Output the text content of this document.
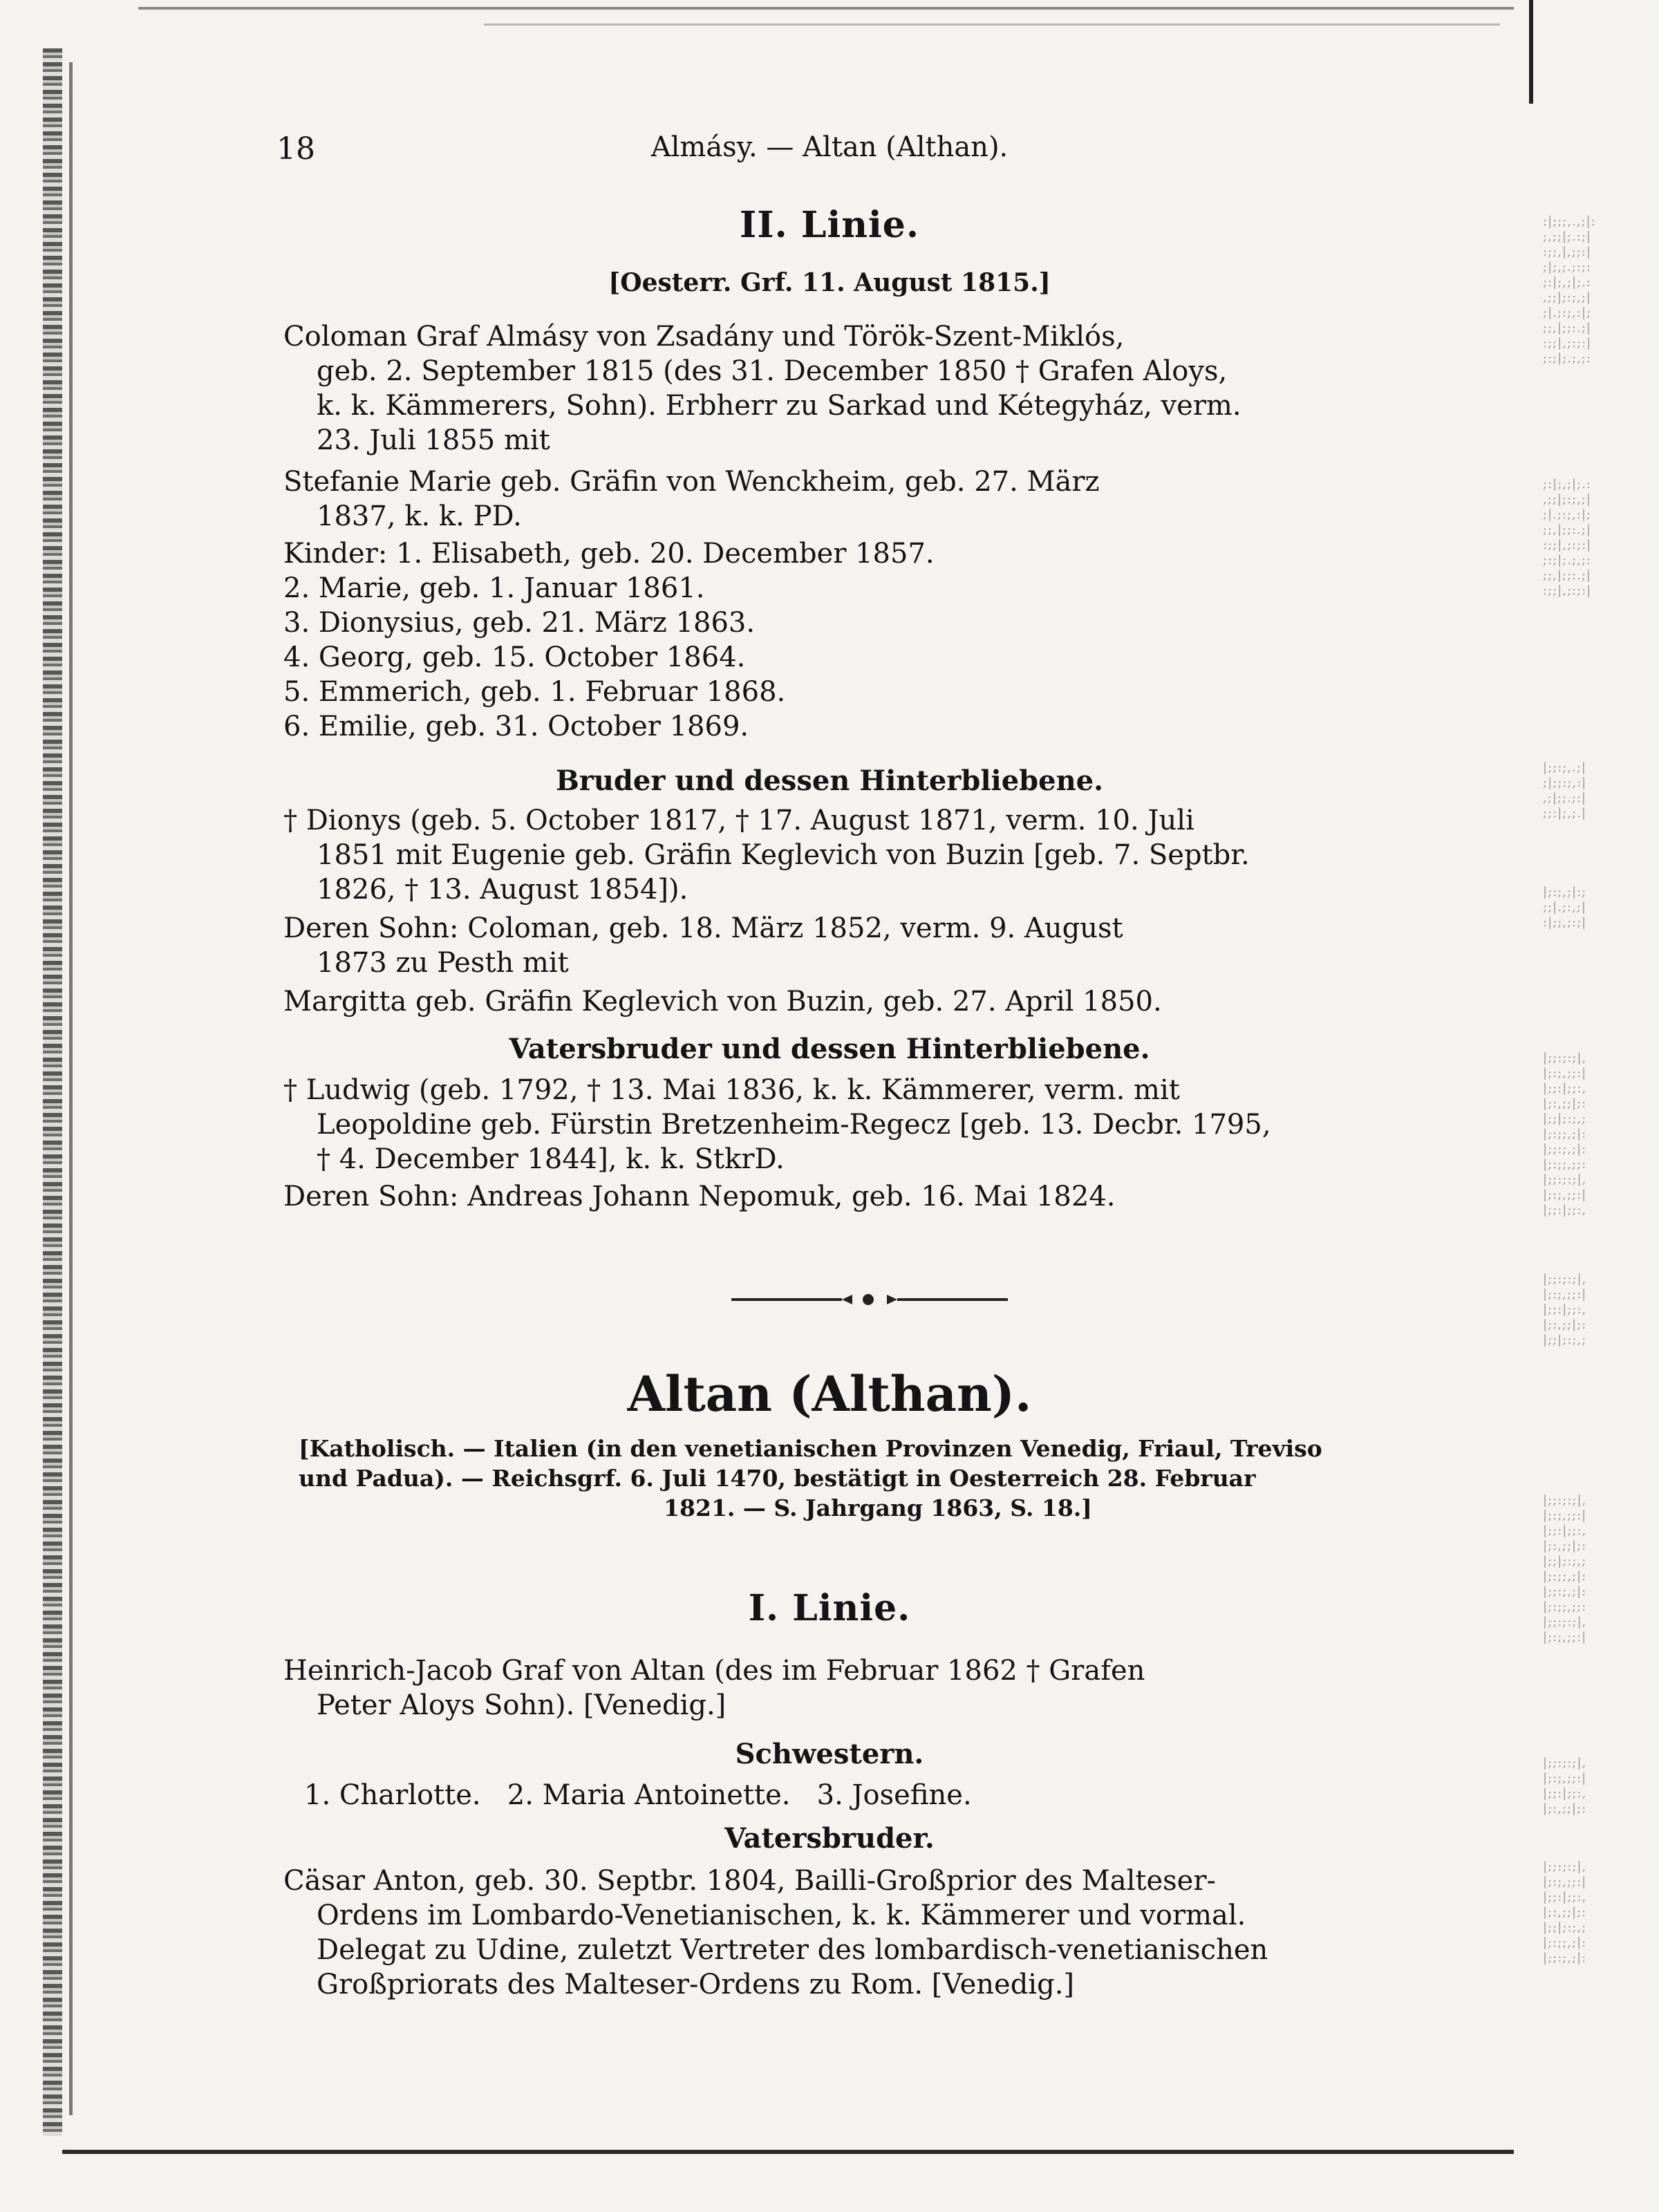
:|;;;,.,;|:
;,;;|;.:;|
:;;,|,;;:|
;|;,;.;:;:
;:|;,;|;.:
,;;|;:;,;|
;|.;:;,:|;
;;,|;;:.;|
:;;|,;:;:|
;:;|;.;,;:
;:|;,;|;.:
,;;|;:;,;|
;|.;:;,:|;
;;,|;;:.;|
:;;|,;:;:|
;:;|;.;,;:
;;,|;;:.;|
:;;|,;:;:|
|;;:;,.;|
;|;;:;,:|
,;|;;.;:|
;;:|;,;.|
|;:;,;|:;
;;|.;:,;|
:|;;,;:;|
|;;:;:;|,
|;:;,;;:|
|;;:|;;:,
|;:,;;|;:
|;;|;:;,;
|;:;;,;|:
|;;:;,;|:
|;:;;,;;:
|;;:;:;|,
|;:;,;;:|
|;;:|;;:,
|;;:;:;|,
|;:;,;;:|
|;;:|;;:,
|;:,;;|;:
|;;|;:;,;
|;;:;:;|,
|;:;,;;:|
|;;:|;;:,
|;:,;;|;:
|;;|;:;,;
|;:;;,;|:
|;;:;,;|:
|;:;;,;;:
|;;:;:;|,
|;:;,;;:|
|;;:;:;|,
|;:;,;;:|
|;;:|;;:,
|;:,;;|;:
|;;:;:;|,
|;:;,;;:|
|;;:|;;:,
|;:,;;|;:
|;;|;:;,;
|;:;;,;|:
|;;:;,;|:
18	Almásy. — Altan (Althan).
II. Linie.
[Oesterr. Grf. 11. August 1815.]
Coloman Graf Almásy von Zsadány und Török-Szent-Miklós,
geb. 2. September 1815 (des 31. December 1850 † Grafen Aloys,
k. k. Kämmerers, Sohn). Erbherr zu Sarkad und Kétegyház, verm.
23. Juli 1855 mit
Stefanie Marie geb. Gräfin von Wenckheim, geb. 27. März
1837, k. k. PD.
Kinder: 1. Elisabeth, geb. 20. December 1857.
2. Marie, geb. 1. Januar 1861.
3. Dionysius, geb. 21. März 1863.
4. Georg, geb. 15. October 1864.
5. Emmerich, geb. 1. Februar 1868.
6. Emilie, geb. 31. October 1869.
Bruder und dessen Hinterbliebene.
† Dionys (geb. 5. October 1817, † 17. August 1871, verm. 10. Juli
1851 mit Eugenie geb. Gräfin Keglevich von Buzin [geb. 7. Septbr.
1826, † 13. August 1854]).
Deren Sohn: Coloman, geb. 18. März 1852, verm. 9. August
1873 zu Pesth mit
Margitta geb. Gräfin Keglevich von Buzin, geb. 27. April 1850.
Vatersbruder und dessen Hinterbliebene.
† Ludwig (geb. 1792, † 13. Mai 1836, k. k. Kämmerer, verm. mit
Leopoldine geb. Fürstin Bretzenheim-Regecz [geb. 13. Decbr. 1795,
† 4. December 1844], k. k. StkrD.
Deren Sohn: Andreas Johann Nepomuk, geb. 16. Mai 1824.
Altan (Althan).
[Katholisch. — Italien (in den venetianischen Provinzen Venedig, Friaul, Treviso
und Padua). — Reichsgrf. 6. Juli 1470, bestätigt in Oesterreich 28. Februar
1821. — S. Jahrgang 1863, S. 18.]
I. Linie.
Heinrich-Jacob Graf von Altan (des im Februar 1862 † Grafen
Peter Aloys Sohn). [Venedig.]
Schwestern.
1. Charlotte.   2. Maria Antoinette.   3. Josefine.
Vatersbruder.
Cäsar Anton, geb. 30. Septbr. 1804, Bailli-Großprior des Malteser-
Ordens im Lombardo-Venetianischen, k. k. Kämmerer und vormal.
Delegat zu Udine, zuletzt Vertreter des lombardisch-venetianischen
Großpriorats des Malteser-Ordens zu Rom. [Venedig.]
